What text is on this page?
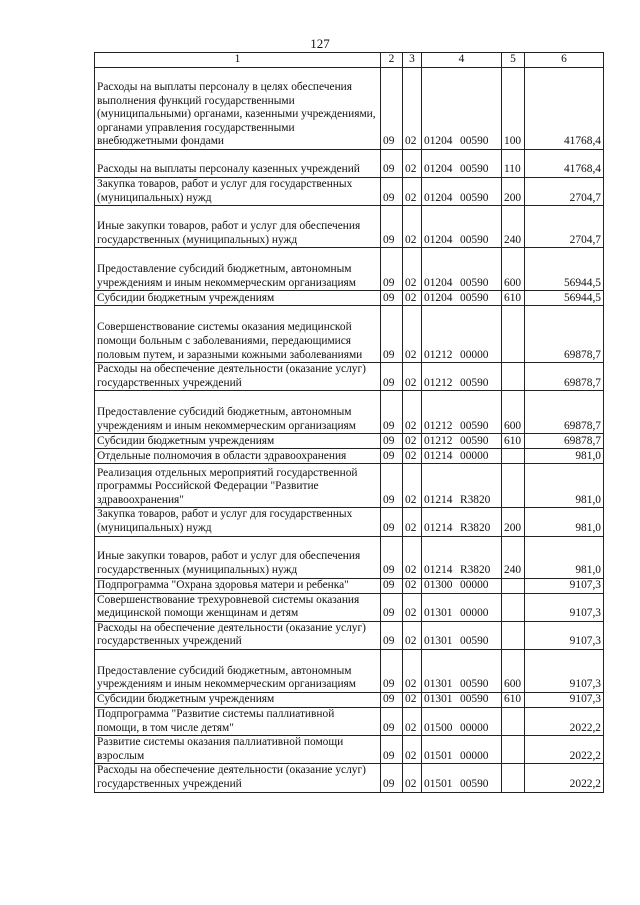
127
1	2	3	4	5	6
Расходы на выплаты персоналу в целях обеспечения выполнения функций государственными (муниципальными) органами, казенными учреждениями, органами управления государственными внебюджетными фондами	09	02	01204 00590	100	41768,4
Расходы на выплаты персоналу казенных учреждений	09	02	01204 00590	110	41768,4
Закупка товаров, работ и услуг для государственных (муниципальных) нужд	09	02	01204 00590	200	2704,7
Иные закупки товаров, работ и услуг для обеспечения государственных (муниципальных) нужд	09	02	01204 00590	240	2704,7
Предоставление субсидий бюджетным, автономным учреждениям и иным некоммерческим организациям	09	02	01204 00590	600	56944,5
Субсидии бюджетным учреждениям	09	02	01204 00590	610	56944,5
Совершенствование системы оказания медицинской помощи больным с заболеваниями, передающимися половым путем, и заразными кожными заболеваниями	09	02	01212 00000		69878,7
Расходы на обеспечение деятельности (оказание услуг) государственных учреждений	09	02	01212 00590		69878,7
Предоставление субсидий бюджетным, автономным учреждениям и иным некоммерческим организациям	09	02	01212 00590	600	69878,7
Субсидии бюджетным учреждениям	09	02	01212 00590	610	69878,7
Отдельные полномочия в области здравоохранения	09	02	01214 00000		981,0
Реализация отдельных мероприятий государственной программы Российской Федерации "Развитие здравоохранения"	09	02	01214 R3820		981,0
Закупка товаров, работ и услуг для государственных (муниципальных) нужд	09	02	01214 R3820	200	981,0
Иные закупки товаров, работ и услуг для обеспечения государственных (муниципальных) нужд	09	02	01214 R3820	240	981,0
Подпрограмма "Охрана здоровья матери и ребенка"	09	02	01300 00000		9107,3
Совершенствование трехуровневой системы оказания медицинской помощи женщинам и детям	09	02	01301 00000		9107,3
Расходы на обеспечение деятельности (оказание услуг) государственных учреждений	09	02	01301 00590		9107,3
Предоставление субсидий бюджетным, автономным учреждениям и иным некоммерческим организациям	09	02	01301 00590	600	9107,3
Субсидии бюджетным учреждениям	09	02	01301 00590	610	9107,3
Подпрограмма "Развитие системы паллиативной помощи, в том числе детям"	09	02	01500 00000		2022,2
Развитие системы оказания паллиативной помощи взрослым	09	02	01501 00000		2022,2
Расходы на обеспечение деятельности (оказание услуг) государственных учреждений	09	02	01501 00590		2022,2
